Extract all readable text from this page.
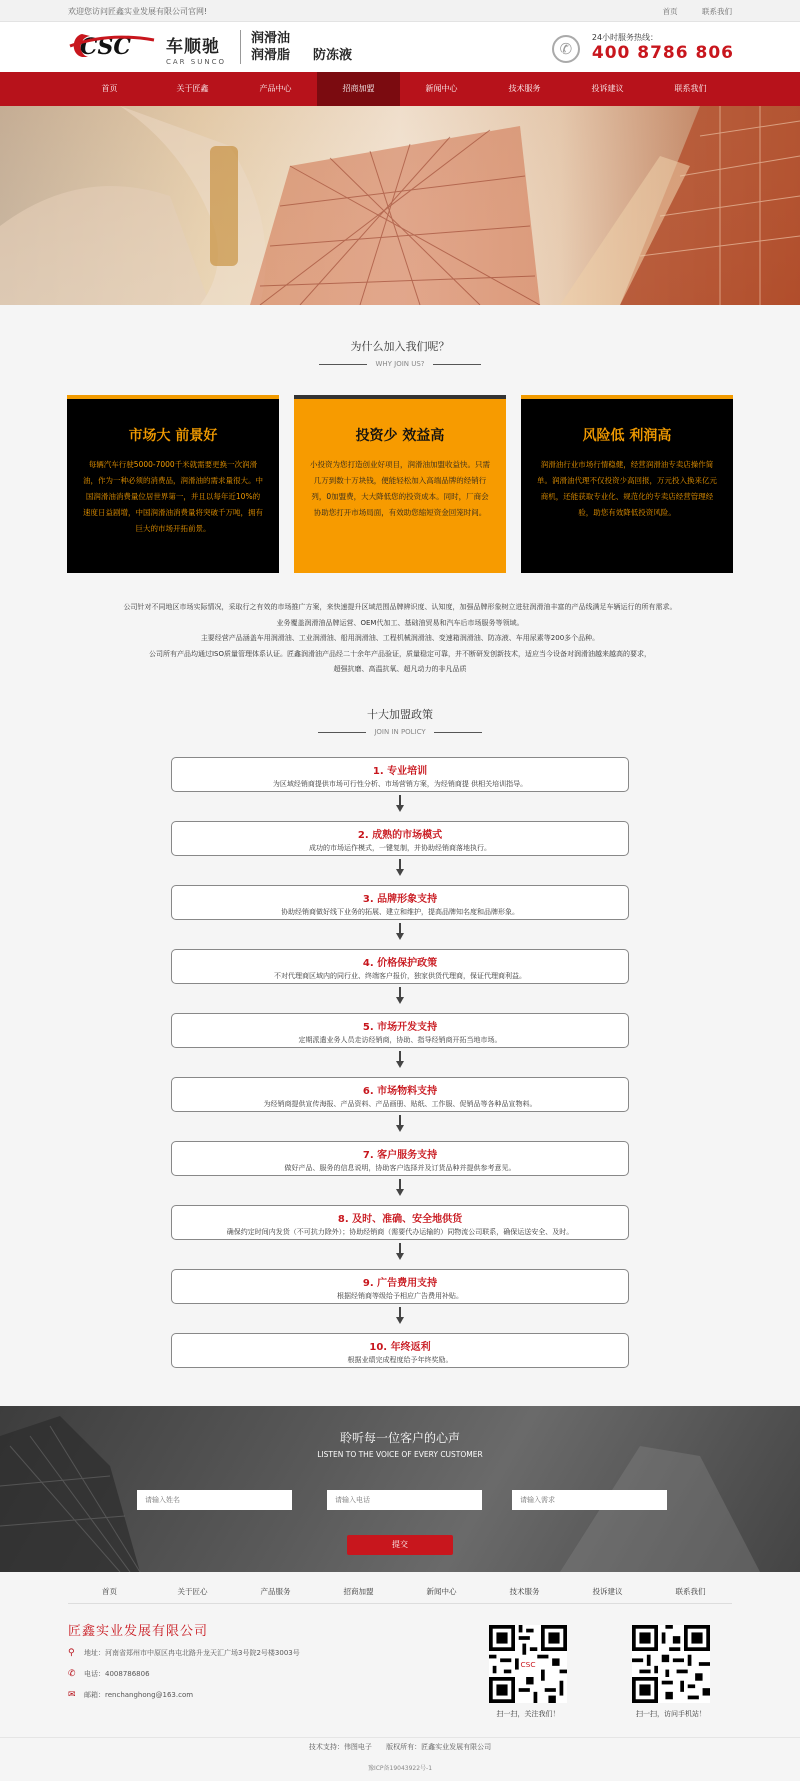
欢迎您访问匠鑫实业发展有限公司官网!	首页	联系我们
CSC 车顺驰
CAR SUNCO
润滑油
润滑脂 防冻液	✆
24小时服务热线：
400 8786 806
首页	关于匠鑫	产品中心	招商加盟	新闻中心	技术服务	投诉建议	联系我们
为什么加入我们呢？
WHY JOIN US?
市场大 前景好
每辆汽车行驶5000-7000千米就需要更换一次润滑油，作为一种必须的消费品，润滑油的需求量很大。中国润滑油消费量位居世界第一，并且以每年近10%的速度日益剧增，中国润滑油消费量将突破千万吨，拥有巨大的市场开拓前景。
投资少 效益高
小投资为您打造创业好项目，润滑油加盟收益快。只需几万到数十万块钱，便能轻松加入高端品牌的经销行列，0加盟费，大大降低您的投资成本。同时，厂商会协助您打开市场局面，有效助您缩短资金回笼时间。
风险低 利润高
润滑油行业市场行情稳健，经营润滑油专卖店操作简单。润滑油代理不仅投资少高回报，万元投入换来亿元商机，还能获取专业化、规范化的专卖店经营管理经验，助您有效降低投资风险。
公司针对不同地区市场实际情况，采取行之有效的市场推广方案，来快速提升区域范围品牌辨识度、认知度，加强品牌形象树立进驻润滑油丰富的产品线满足车辆运行的所有需求。
业务覆盖润滑油品牌运营、OEM代加工、基础油贸易和汽车后市场服务等领域。
主要经营产品涵盖车用润滑油、工业润滑油、船用润滑油、工程机械润滑油、变速箱润滑油、防冻液、车用尿素等200多个品种。
公司所有产品均通过ISO质量管理体系认证。匠鑫润滑油产品经二十余年产品验证，质量稳定可靠，并不断研发创新技术，适应当今设备对润滑油越来越高的要求，
超强抗磨、高温抗氧、超凡动力的非凡品质
十大加盟政策
JOIN IN POLICY
1. 专业培训
为区域经销商提供市场可行性分析、市场营销方案，为经销商提 供相关培训指导。
2. 成熟的市场模式
成功的市场运作模式，一键复制，并协助经销商落地执行。
3. 品牌形象支持
协助经销商做好线下业务的拓展、建立和维护，提高品牌知名度和品牌形象。
4. 价格保护政策
不对代理商区域内的同行业、终端客户报价，独家供货代理商，保证代理商利益。
5. 市场开发支持
定期派遣业务人员走访经销商，协助、指导经销商开拓当地市场。
6. 市场物料支持
为经销商提供宣传海报、产品资料、产品画册、贴纸、工作服、促销品等各种品宣物料。
7. 客户服务支持
做好产品、服务的信息说明，协助客户选择并及订货品种并提供参考意见。
8. 及时、准确、安全地供货
确保约定时间内发货（不可抗力除外）；协助经销商（需要代办运输的）同物流公司联系，确保运送安全、及时。
9. 广告费用支持
根据经销商等级给予相应广告费用补贴。
10. 年终返利
根据业绩完成程度给予年终奖励。
聆听每一位客户的心声
LISTEN TO THE VOICE OF EVERY CUSTOMER
请输入姓名
请输入电话
请输入需求
提交
首页	关于匠心	产品服务	招商加盟	新闻中心	技术服务	投诉建议	联系我们
匠鑫实业发展有限公司
⚲ 地址：河南省郑州市中原区冉屯北路升龙天汇广场3号院2号楼3003号
✆ 电话：4008786806
✉ 邮箱：renchanghong@163.com
CSC
扫一扫，关注我们！	扫一扫，访问手机站！
技术支持：伟图电子 版权所有：匠鑫实业发展有限公司
豫ICP备19043922号-1
